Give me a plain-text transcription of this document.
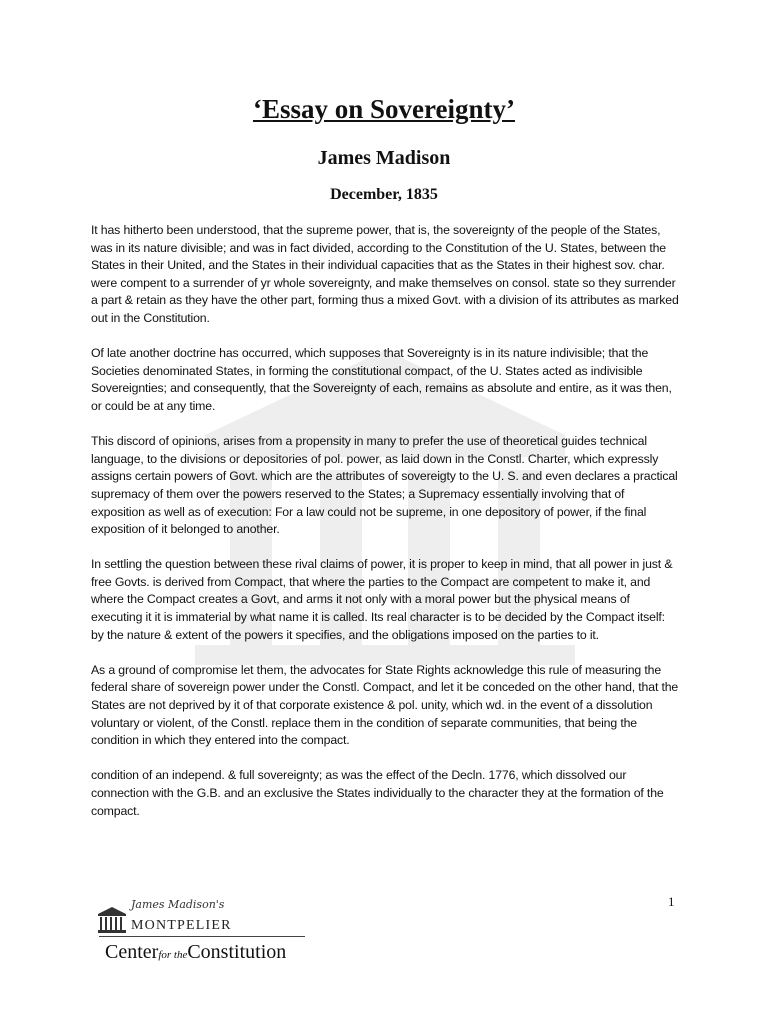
‘Essay on Sovereignty’
James Madison
December, 1835

It has hitherto been understood, that the supreme power, that is, the sovereignty of the people of the States, was in its nature divisible; and was in fact divided, according to the Constitution of the U. States, between the States in their United, and the States in their individual capacities that as the States in their highest sov. char. were compent to a surrender of yr whole sovereignty, and make themselves on consol. state so they surrender a part & retain as they have the other part, forming thus a mixed Govt. with a division of its attributes as marked out in the Constitution.

Of late another doctrine has occurred, which supposes that Sovereignty is in its nature indivisible; that the Societies denominated States, in forming the constitutional compact, of the U. States acted as indivisible Sovereignties; and consequently, that the Sovereignty of each, remains as absolute and entire, as it was then, or could be at any time.

This discord of opinions, arises from a propensity in many to prefer the use of theoretical guides technical language, to the divisions or depositories of pol. power, as laid down in the Constl. Charter, which expressly assigns certain powers of Govt. which are the attributes of sovereigty to the U. S. and even declares a practical supremacy of them over the powers reserved to the States; a Supremacy essentially involving that of exposition as well as of execution: For a law could not be supreme, in one depository of power, if the final exposition of it belonged to another.

In settling the question between these rival claims of power, it is proper to keep in mind, that all power in just & free Govts. is derived from Compact, that where the parties to the Compact are competent to make it, and where the Compact creates a Govt, and arms it not only with a moral power but the physical means of executing it it is immaterial by what name it is called. Its real character is to be decided by the Compact itself: by the nature & extent of the powers it specifies, and the obligations imposed on the parties to it.

As a ground of compromise let them, the advocates for State Rights acknowledge this rule of measuring the federal share of sovereign power under the Constl. Compact, and let it be conceded on the other hand, that the States are not deprived by it of that corporate existence & pol. unity, which wd. in the event of a dissolution voluntary or violent, of the Constl. replace them in the condition of separate communities, that being the condition in which they entered into the compact.

condition of an independ. & full sovereignty; as was the effect of the Decln. 1776, which dissolved our connection with the G.B. and an exclusive the States individually to the character they at the formation of the compact.

1
James Madison's
MONTPELIER
Centerfor theConstitution
